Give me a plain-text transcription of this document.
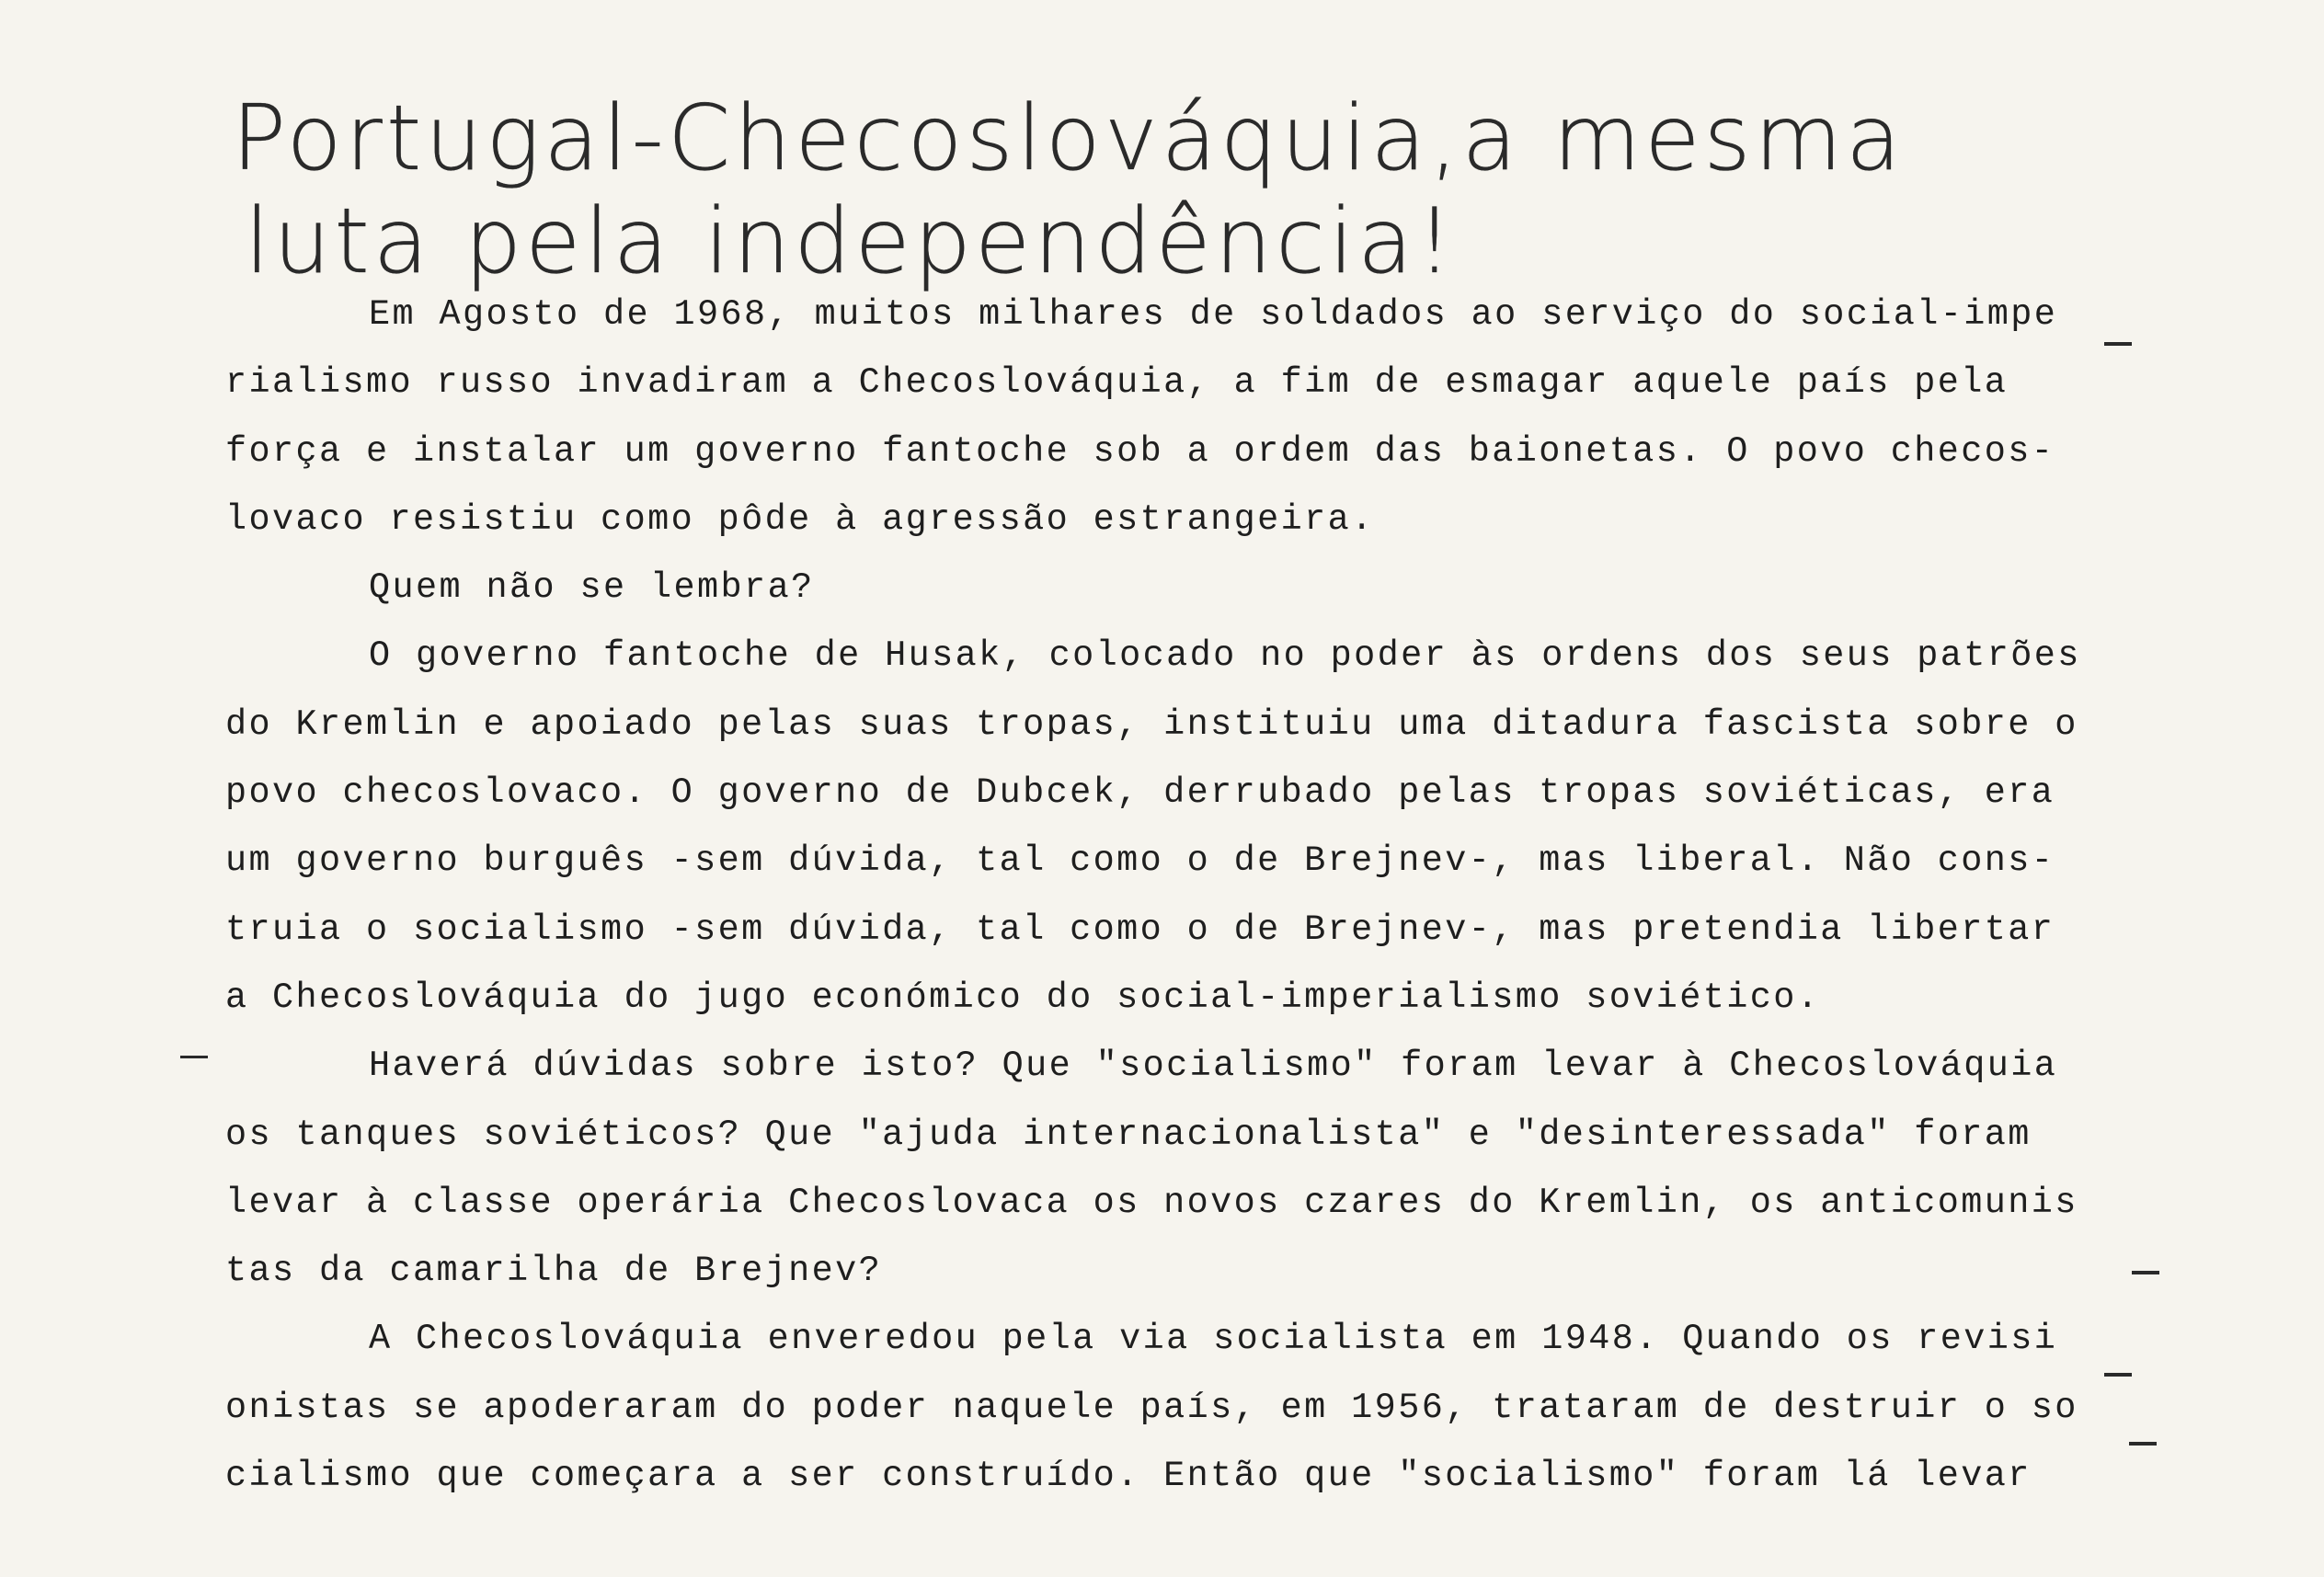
Portugal-Checoslováquia,a mesma
luta pela independência!
Em Agosto de 1968, muitos milhares de soldados ao serviço do social-impe
rialismo russo invadiram a Checoslováquia, a fim de esmagar aquele país pela
força e instalar um governo fantoche sob a ordem das baionetas. O povo checos-
lovaco resistiu como pôde à agressão estrangeira.
Quem não se lembra?
O governo fantoche de Husak, colocado no poder às ordens dos seus patrões
do Kremlin e apoiado pelas suas tropas, instituiu uma ditadura fascista sobre o
povo checoslovaco. O governo de Dubcek, derrubado pelas tropas soviéticas, era
um governo burguês -sem dúvida, tal como o de Brejnev-, mas liberal. Não cons-
truia o socialismo -sem dúvida, tal como o de Brejnev-, mas pretendia libertar
a Checoslováquia do jugo económico do social-imperialismo soviético.
Haverá dúvidas sobre isto? Que "socialismo" foram levar à Checoslováquia
os tanques soviéticos? Que "ajuda internacionalista" e "desinteressada" foram
levar à classe operária Checoslovaca os novos czares do Kremlin, os anticomunis
tas da camarilha de Brejnev?
A Checoslováquia enveredou pela via socialista em 1948. Quando os revisi
onistas se apoderaram do poder naquele país, em 1956, trataram de destruir o so
cialismo que começara a ser construído. Então que "socialismo" foram lá levar
